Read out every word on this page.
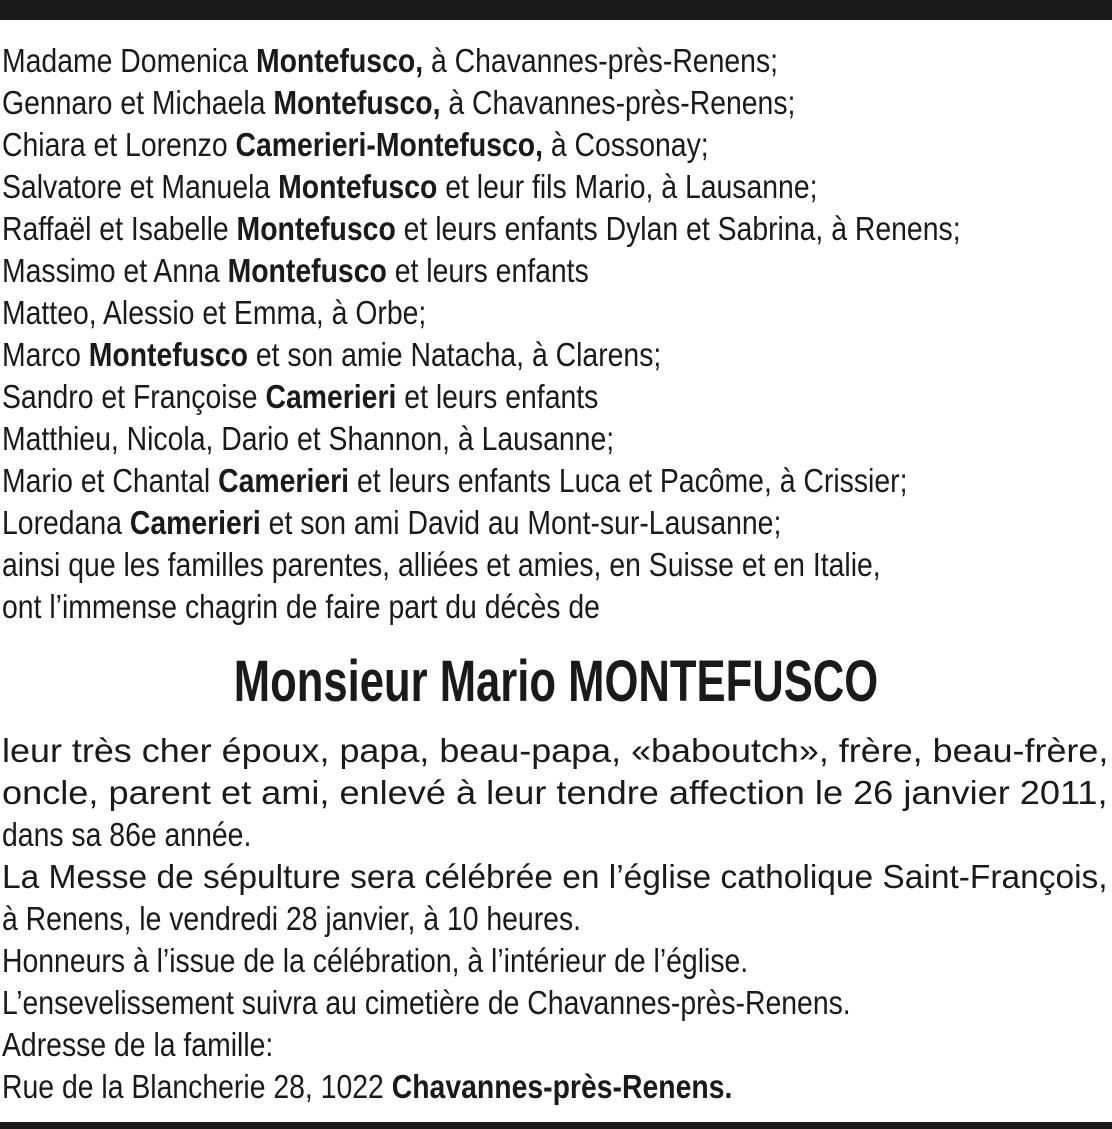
Madame Domenica Montefusco, à Chavannes-près-Renens;
Gennaro et Michaela Montefusco, à Chavannes-près-Renens;
Chiara et Lorenzo Camerieri-Montefusco, à Cossonay;
Salvatore et Manuela Montefusco et leur fils Mario, à Lausanne;
Raffaël et Isabelle Montefusco et leurs enfants Dylan et Sabrina, à Renens;
Massimo et Anna Montefusco et leurs enfants
Matteo, Alessio et Emma, à Orbe;
Marco Montefusco et son amie Natacha, à Clarens;
Sandro et Françoise Camerieri et leurs enfants
Matthieu, Nicola, Dario et Shannon, à Lausanne;
Mario et Chantal Camerieri et leurs enfants Luca et Pacôme, à Crissier;
Loredana Camerieri et son ami David au Mont-sur-Lausanne;
ainsi que les familles parentes, alliées et amies, en Suisse et en Italie,
ont l’immense chagrin de faire part du décès de
Monsieur Mario MONTEFUSCO
leur très cher époux, papa, beau-papa, «baboutch», frère, beau-frère,
oncle, parent et ami, enlevé à leur tendre affection le 26 janvier 2011,
dans sa 86e année.
La Messe de sépulture sera célébrée en l’église catholique Saint-François,
à Renens, le vendredi 28 janvier, à 10 heures.
Honneurs à l’issue de la célébration, à l’intérieur de l’église.
L’ensevelissement suivra au cimetière de Chavannes-près-Renens.
Adresse de la famille:
Rue de la Blancherie 28, 1022 Chavannes-près-Renens.
